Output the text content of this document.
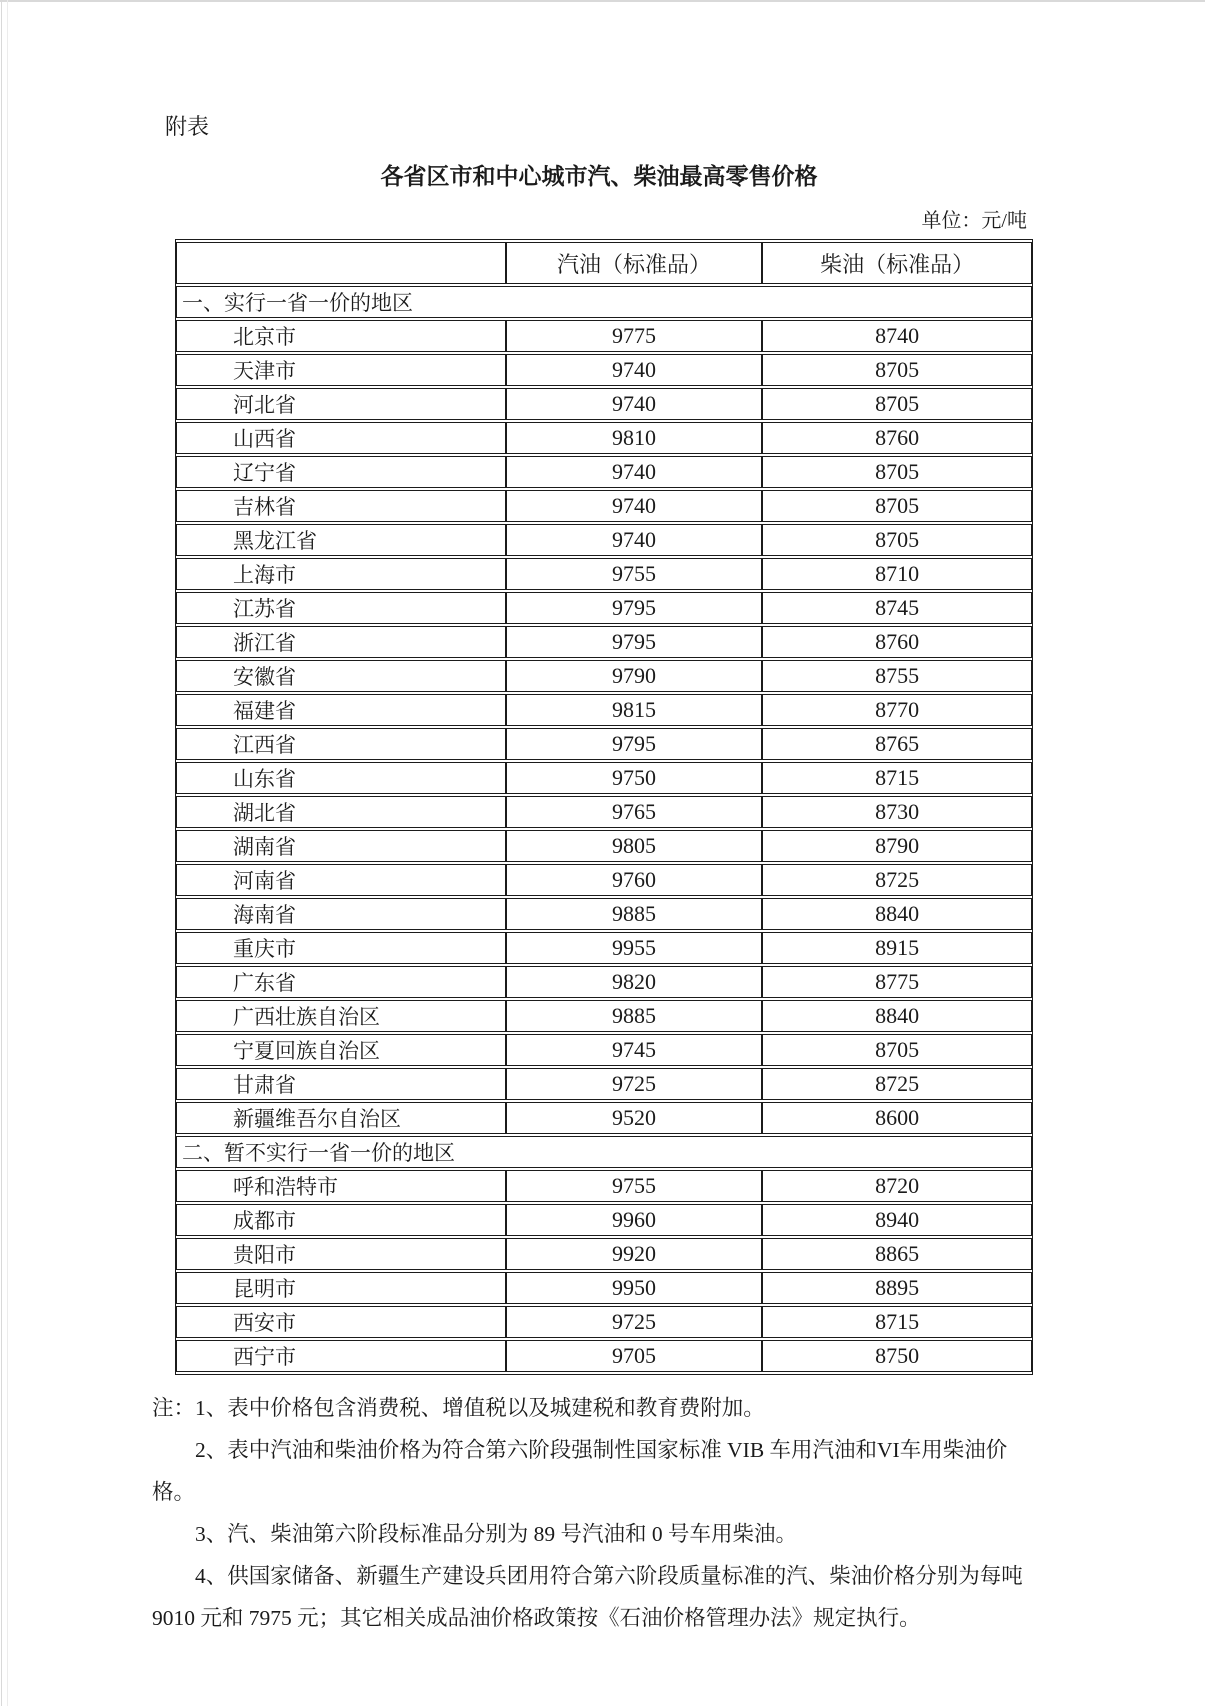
附表
各省区市和中心城市汽、柴油最高零售价格
单位：元/吨
	汽油（标准品）	柴油（标准品）
一、实行一省一价的地区		
北京市	9775	8740
天津市	9740	8705
河北省	9740	8705
山西省	9810	8760
辽宁省	9740	8705
吉林省	9740	8705
黑龙江省	9740	8705
上海市	9755	8710
江苏省	9795	8745
浙江省	9795	8760
安徽省	9790	8755
福建省	9815	8770
江西省	9795	8765
山东省	9750	8715
湖北省	9765	8730
湖南省	9805	8790
河南省	9760	8725
海南省	9885	8840
重庆市	9955	8915
广东省	9820	8775
广西壮族自治区	9885	8840
宁夏回族自治区	9745	8705
甘肃省	9725	8725
新疆维吾尔自治区	9520	8600
二、暂不实行一省一价的地区		
呼和浩特市	9755	8720
成都市	9960	8940
贵阳市	9920	8865
昆明市	9950	8895
西安市	9725	8715
西宁市	9705	8750

注：1、表中价格包含消费税、增值税以及城建税和教育费附加。

2、表中汽油和柴油价格为符合第六阶段强制性国家标准 VIB 车用汽油和VI车用柴油价格。

3、汽、柴油第六阶段标准品分别为 89 号汽油和 0 号车用柴油。

4、供国家储备、新疆生产建设兵团用符合第六阶段质量标准的汽、柴油价格分别为每吨 9010 元和 7975 元；其它相关成品油价格政策按《石油价格管理办法》规定执行。
